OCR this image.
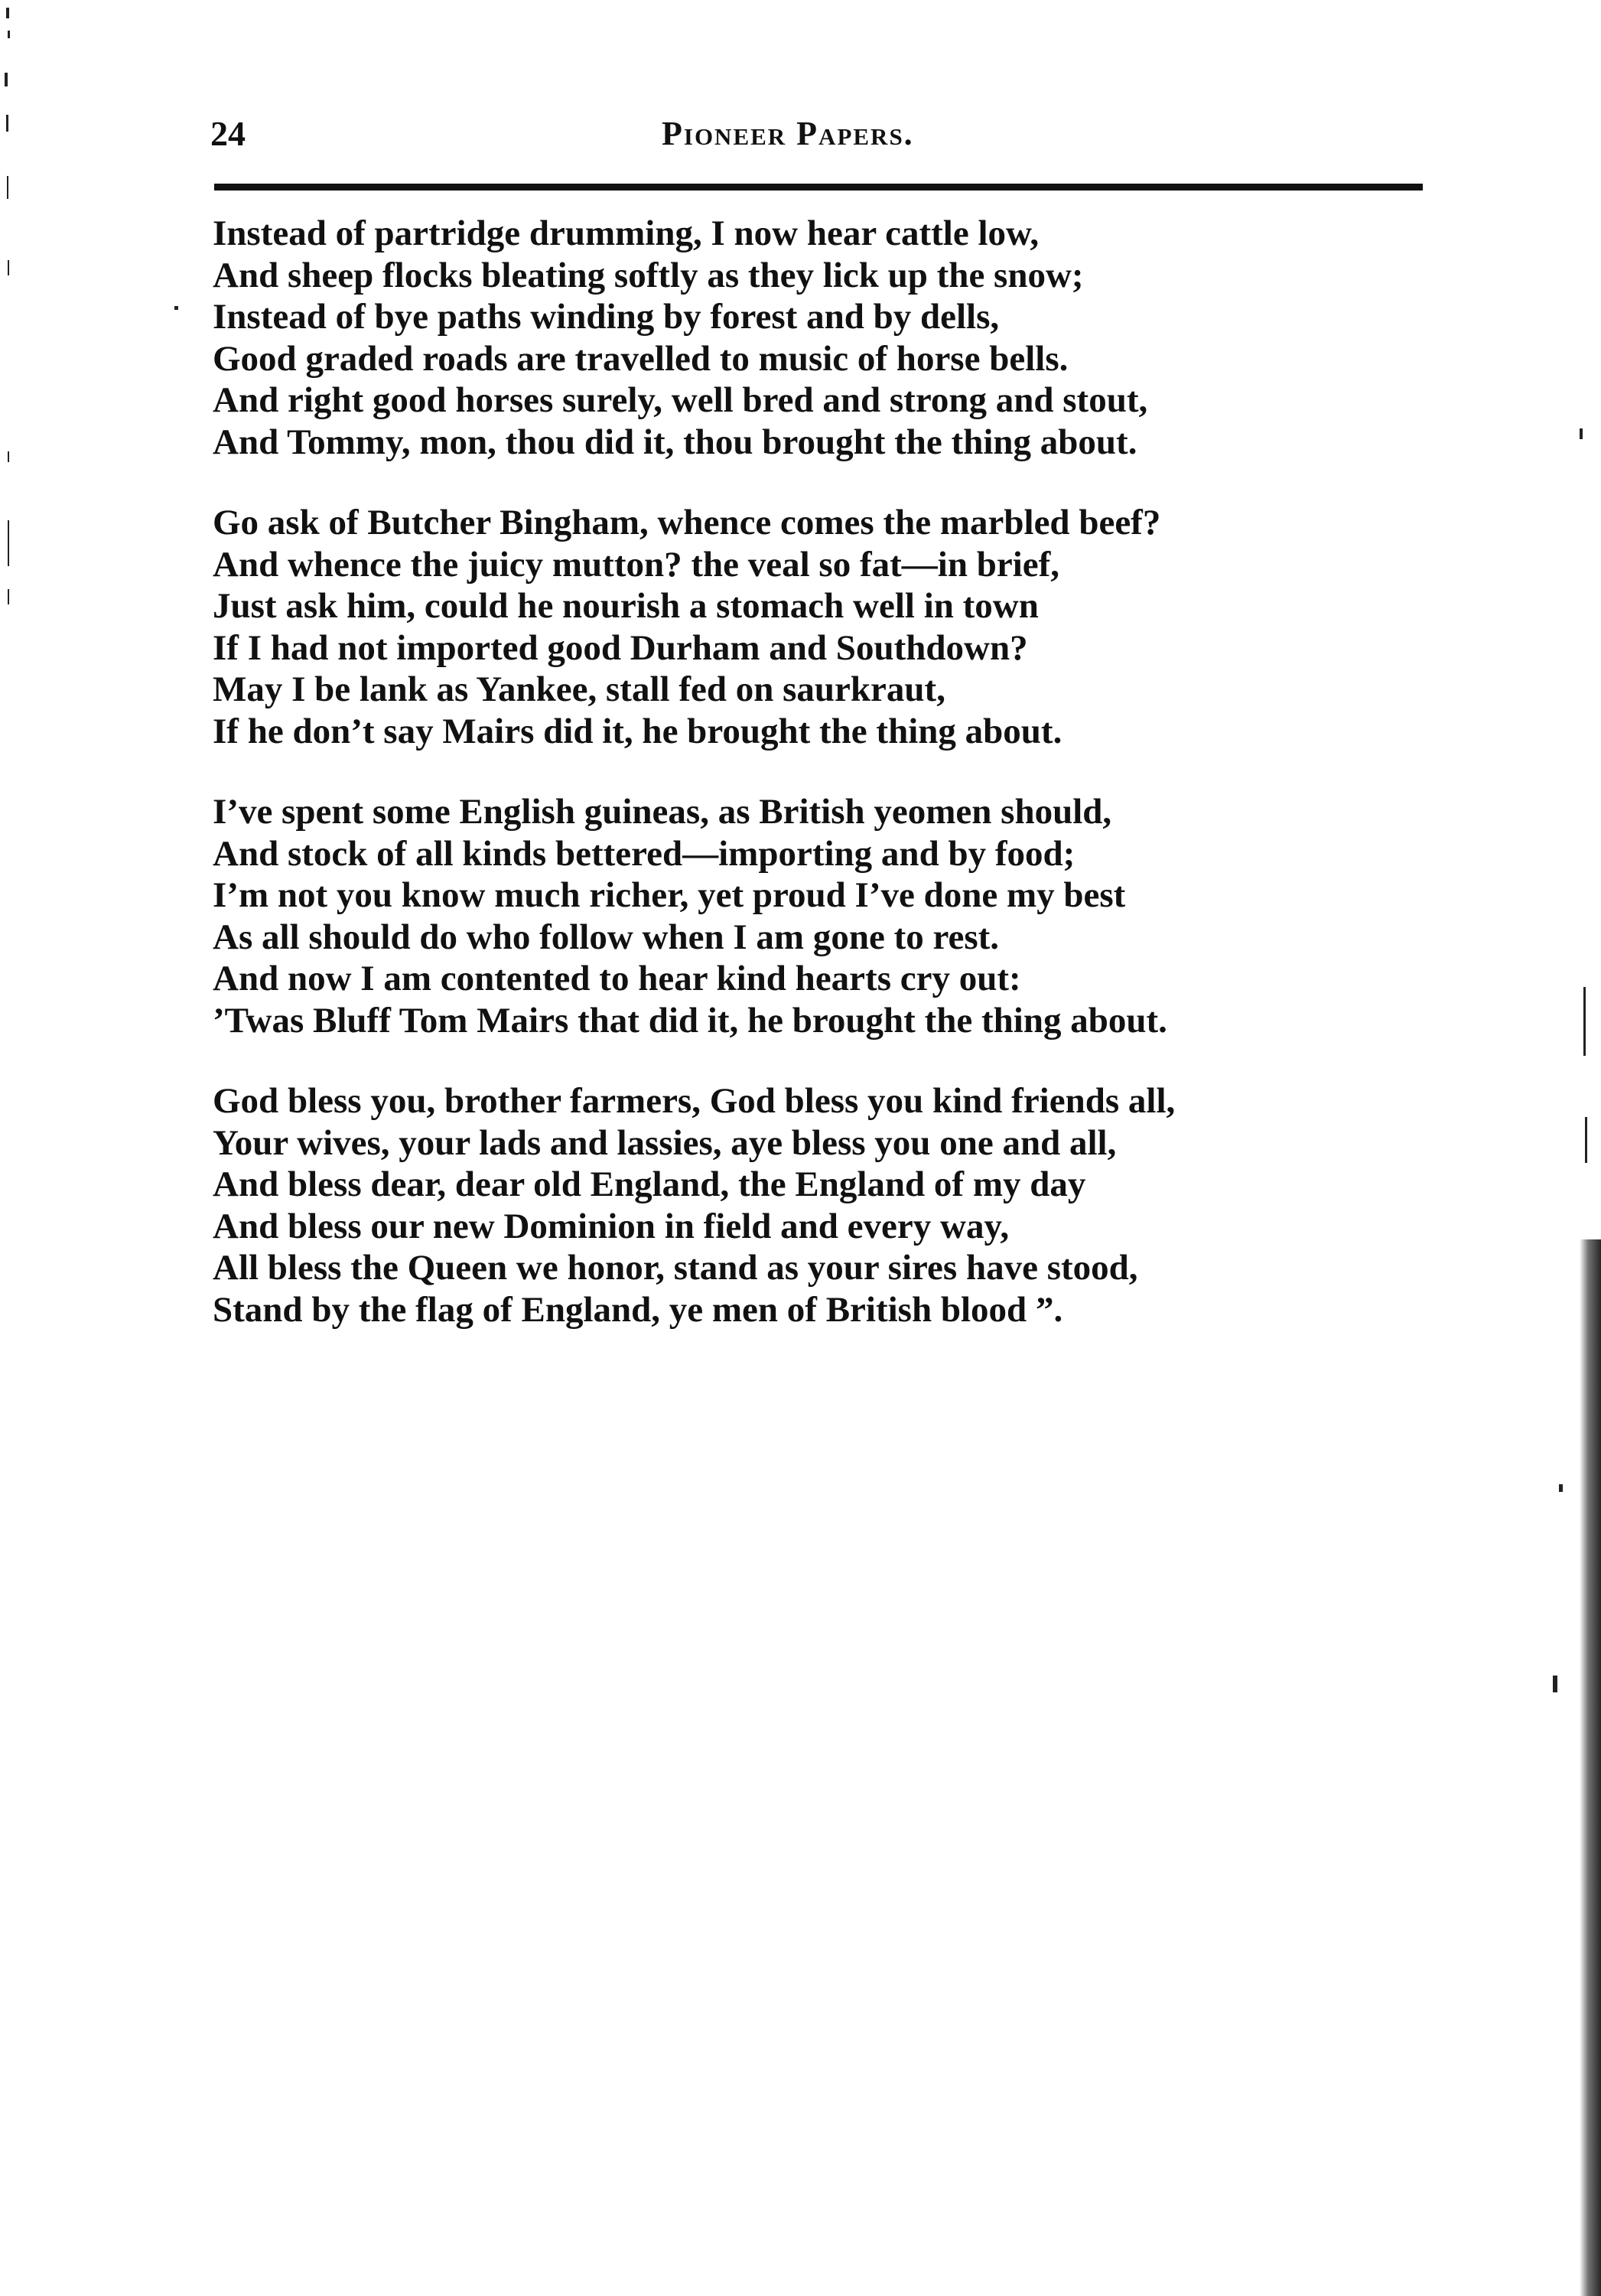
24	Pioneer Papers.
Instead of partridge drumming, I now hear cattle low,
And sheep flocks bleating softly as they lick up the snow;
Instead of bye paths winding by forest and by dells,
Good graded roads are travelled to music of horse bells.
And right good horses surely, well bred and strong and stout,
And Tommy, mon, thou did it, thou brought the thing about.
Go ask of Butcher Bingham, whence comes the marbled beef?
And whence the juicy mutton? the veal so fat—in brief,
Just ask him, could he nourish a stomach well in town
If I had not imported good Durham and Southdown?
May I be lank as Yankee, stall fed on saurkraut,
If he don’t say Mairs did it, he brought the thing about.
I’ve spent some English guineas, as British yeomen should,
And stock of all kinds bettered—importing and by food;
I’m not you know much richer, yet proud I’ve done my best
As all should do who follow when I am gone to rest.
And now I am contented to hear kind hearts cry out:
’Twas Bluff Tom Mairs that did it, he brought the thing about.
God bless you, brother farmers, God bless you kind friends all,
Your wives, your lads and lassies, aye bless you one and all,
And bless dear, dear old England, the England of my day
And bless our new Dominion in field and every way,
All bless the Queen we honor, stand as your sires have stood,
Stand by the flag of England, ye men of British blood ”.
